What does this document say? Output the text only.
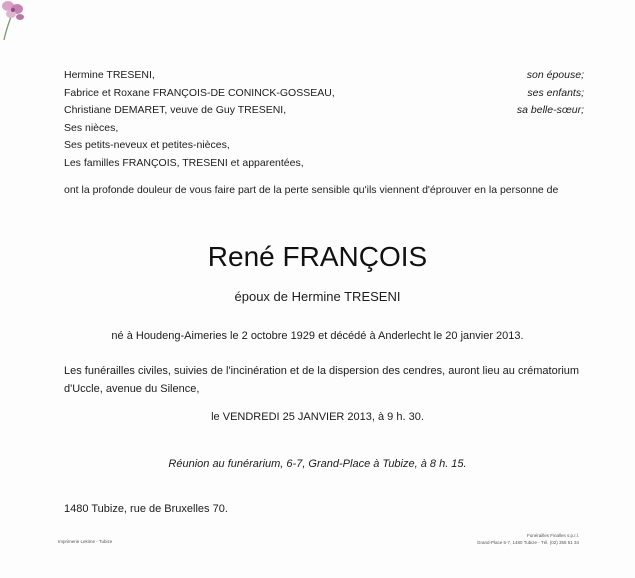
Hermine TRESENI,	son épouse;
Fabrice et Roxane FRANÇOIS-DE CONINCK-GOSSEAU,	ses enfants;
Christiane DEMARET, veuve de Guy TRESENI,	sa belle-sœur;
Ses nièces,
Ses petits-neveux et petites-nièces,
Les familles FRANÇOIS, TRESENI et apparentées,
ont la profonde douleur de vous faire part de la perte sensible qu'ils viennent d'éprouver en la personne de
René FRANÇOIS
époux de Hermine TRESENI
né à Houdeng-Aimeries le 2 octobre 1929 et décédé à Anderlecht le 20 janvier 2013.
Les funérailles civiles, suivies de l'incinération et de la dispersion des cendres, auront lieu au crématorium d'Uccle, avenue du Silence,
le VENDREDI 25 JANVIER 2013, à 9 h. 30.
Réunion au funérarium, 6-7, Grand-Place à Tubize, à 8 h. 15.
1480 Tubize, rue de Bruxelles 70.
Imprimerie Lekime - Tubize
Funérailles Finalles s.p.r.l.
Grand-Place 6-7, 1480 Tubize - Tél. (02) 355 51 34
